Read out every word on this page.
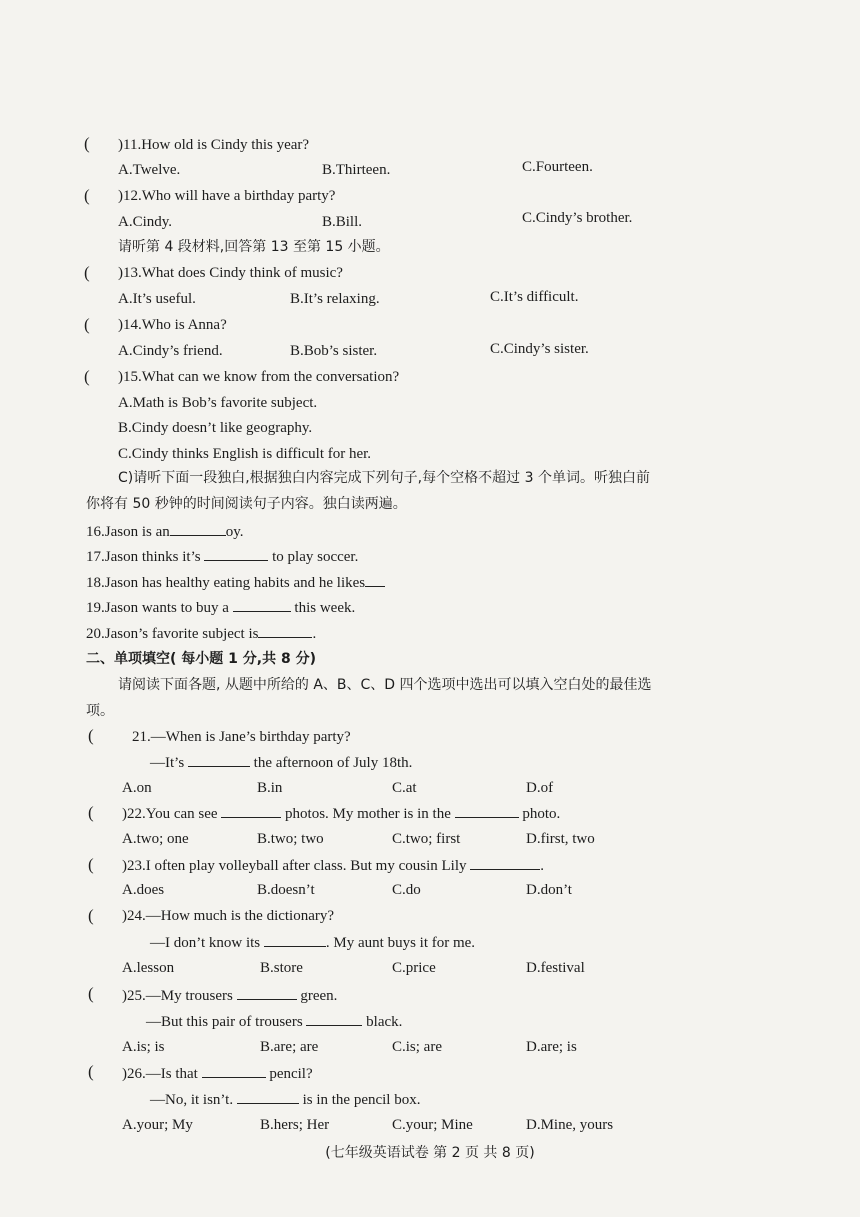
( )11.How old is Cindy this year?
A.Twelve.	B.Thirteen.	C.Fourteen.
( )12.Who will have a birthday party?
A.Cindy.	B.Bill.	C.Cindy’s brother.
请听第 4 段材料,回答第 13 至第 15 小题。
( )13.What does Cindy think of music?
A.It’s useful.	B.It’s relaxing.	C.It’s difficult.
( )14.Who is Anna?
A.Cindy’s friend.	B.Bob’s sister.	C.Cindy’s sister.
( )15.What can we know from the conversation?
A.Math is Bob’s favorite subject.
B.Cindy doesn’t like geography.
C.Cindy thinks English is difficult for her.
C)请听下面一段独白,根据独白内容完成下列句子,每个空格不超过 3 个单词。听独白前
你将有 50 秒钟的时间阅读句子内容。独白读两遍。
16.Jason is an	oy.
17.Jason thinks it’s	to play soccer.
18.Jason has healthy eating habits and he likes
19.Jason wants to buy a	this week.
20.Jason’s favorite subject is	.
二、单项填空( 每小题 1 分,共 8 分)
请阅读下面各题, 从题中所给的 A、B、C、D 四个选项中选出可以填入空白处的最佳选
项。
(	21.—When is Jane’s birthday party?
—It’s	the afternoon of July 18th.
A.on	B.in	C.at	D.of
( )22.You can see	photos. My mother is in the	photo.
A.two; one	B.two; two	C.two; first	D.first, two
( )23.I often play volleyball after class. But my cousin Lily	.
A.does	B.doesn’t	C.do	D.don’t
( )24.—How much is the dictionary?
—I don’t know its	. My aunt buys it for me.
A.lesson	B.store	C.price	D.festival
( )25.—My trousers	green.
—But this pair of trousers	black.
A.is; is	B.are; are	C.is; are	D.are; is
( )26.—Is that	pencil?
—No, it isn’t.	is in the pencil box.
A.your; My	B.hers; Her	C.your; Mine	D.Mine, yours
(七年级英语试卷 第 2 页 共 8 页)
